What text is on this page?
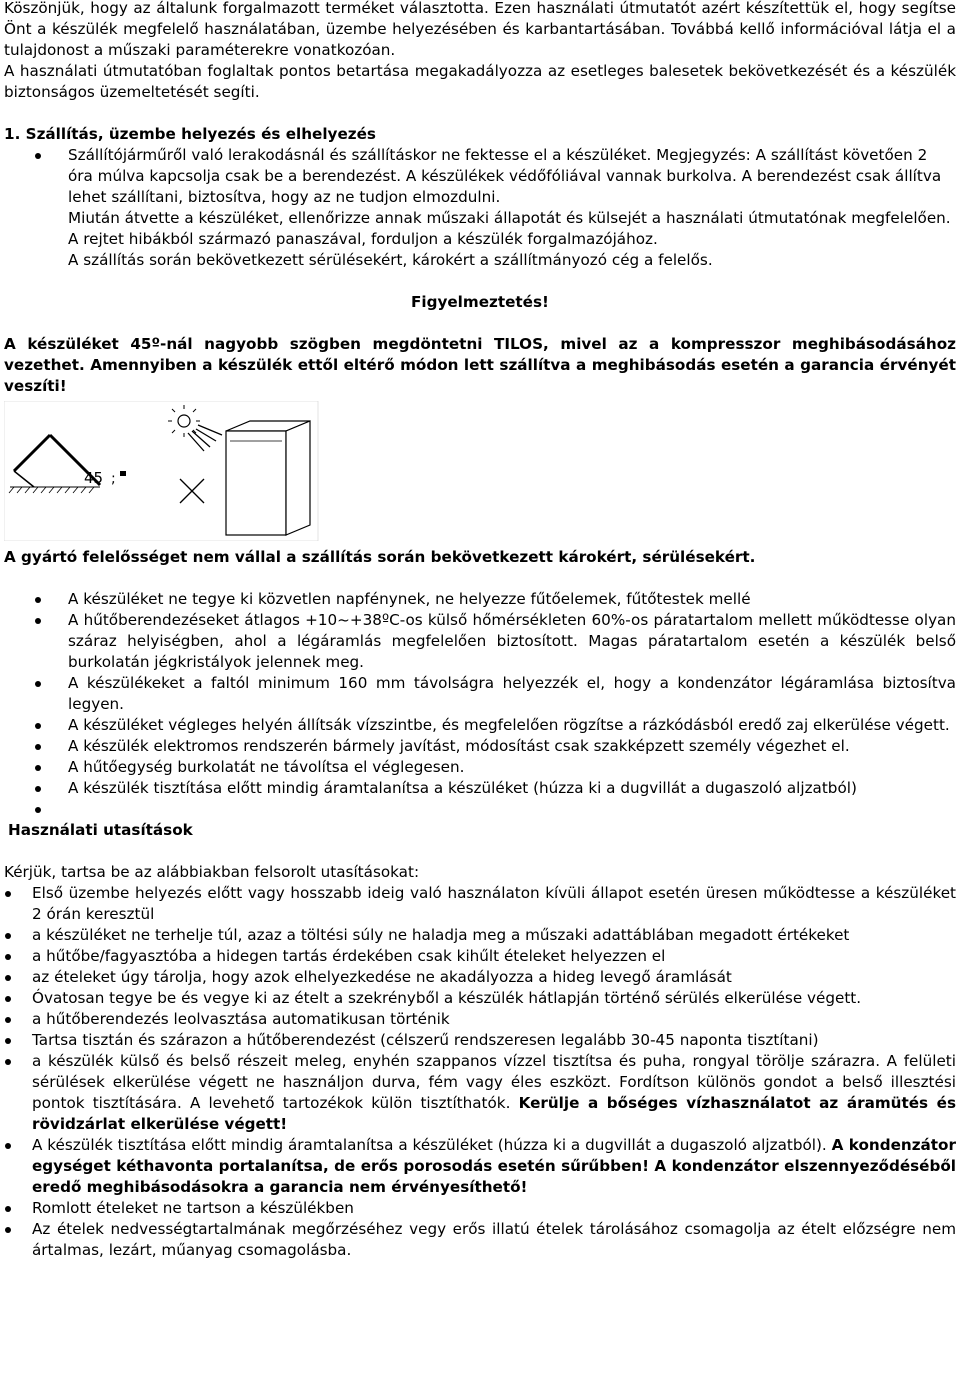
Köszönjük, hogy az általunk forgalmazott terméket választotta. Ezen használati útmutatót azért készítettük el, hogy segítse Önt a készülék megfelelő használatában, üzembe helyezésében és karbantartásában. Továbbá kellő információval látja el a tulajdonost a műszaki paraméterekre vonatkozóan.

A használati útmutatóban foglaltak pontos betartása megakadályozza az esetleges balesetek bekövetkezését és a készülék biztonságos üzemeltetését segíti.

1. Szállítás, üzembe helyezés és elhelyezés

Szállítójárműről való lerakodásnál és szállításkor ne fektesse el a készüléket. Megjegyzés: A szállítást követően 2 óra múlva kapcsolja csak be a berendezést. A készülékek védőfóliával vannak burkolva. A berendezést csak állítva lehet szállítani, biztosítva, hogy az ne tudjon elmozdulni.

Miután átvette a készüléket, ellenőrizze annak műszaki állapotát és külsejét a használati útmutatónak megfelelően. A rejtet hibákból származó panaszával, forduljon a készülék forgalmazójához.

A szállítás során bekövetkezett sérülésekért, károkért a szállítmányozó cég a felelős.

Figyelmeztetés!

A készüléket 45º-nál nagyobb szögben megdöntetni TILOS, mivel az a kompresszor meghibásodásához vezethet. Amennyiben a készülék ettől eltérő módon lett szállítva a meghibásodás esetén a garancia érvényét veszíti!

45 ;

A gyártó felelősséget nem vállal a szállítás során bekövetkezett károkért, sérülésekért.

A készüléket ne tegye ki közvetlen napfénynek, ne helyezze fűtőelemek, fűtőtestek mellé
A hűtőberendezéseket átlagos +10~+38ºC-os külső hőmérsékleten 60%-os páratartalom mellett működtesse olyan száraz helyiségben, ahol a légáramlás megfelelően biztosított. Magas páratartalom esetén a készülék belső burkolatán jégkristályok jelennek meg.
A készülékeket a faltól minimum 160 mm távolságra helyezzék el, hogy a kondenzátor légáramlása biztosítva legyen.
A készüléket végleges helyén állítsák vízszintbe, és megfelelően rögzítse a rázkódásból eredő zaj elkerülése végett.
A készülék elektromos rendszerén bármely javítást, módosítást csak szakképzett személy végezhet el.
A hűtőegység burkolatát ne távolítsa el véglegesen.
A készülék tisztítása előtt mindig áramtalanítsa a készüléket (húzza ki a dugvillát a dugaszoló aljzatból)

Használati utasítások

Kérjük, tartsa be az alábbiakban felsorolt utasításokat:

Első üzembe helyezés előtt vagy hosszabb ideig való használaton kívüli állapot esetén üresen működtesse a készüléket 2 órán keresztül
a készüléket ne terhelje túl, azaz a töltési súly ne haladja meg a műszaki adattáblában megadott értékeket
a hűtőbe/fagyasztóba a hidegen tartás érdekében csak kihűlt ételeket helyezzen el
az ételeket úgy tárolja, hogy azok elhelyezkedése ne akadályozza a hideg levegő áramlását
Óvatosan tegye be és vegye ki az ételt a szekrényből a készülék hátlapján történő sérülés elkerülése végett.
a hűtőberendezés leolvasztása automatikusan történik
Tartsa tisztán és szárazon a hűtőberendezést (célszerű rendszeresen legalább 30-45 naponta tisztítani)
a készülék külső és belső részeit meleg, enyhén szappanos vízzel tisztítsa és puha, rongyal törölje szárazra. A felületi sérülések elkerülése végett ne használjon durva, fém vagy éles eszközt. Fordítson különös gondot a belső illesztési pontok tisztítására. A levehető tartozékok külön tisztíthatók. Kerülje a bőséges vízhasználatot az áramütés és rövidzárlat elkerülése végett!
A készülék tisztítása előtt mindig áramtalanítsa a készüléket (húzza ki a dugvillát a dugaszoló aljzatból). A kondenzátor egységet kéthavonta portalanítsa, de erős porosodás esetén sűrűbben! A kondenzátor elszennyeződéséből eredő meghibásodásokra a garancia nem érvényesíthető!
Romlott ételeket ne tartson a készülékben
Az ételek nedvességtartalmának megőrzéséhez vegy erős illatú ételek tárolásához csomagolja az ételt előzségre nem ártalmas, lezárt, műanyag csomagolásba.
